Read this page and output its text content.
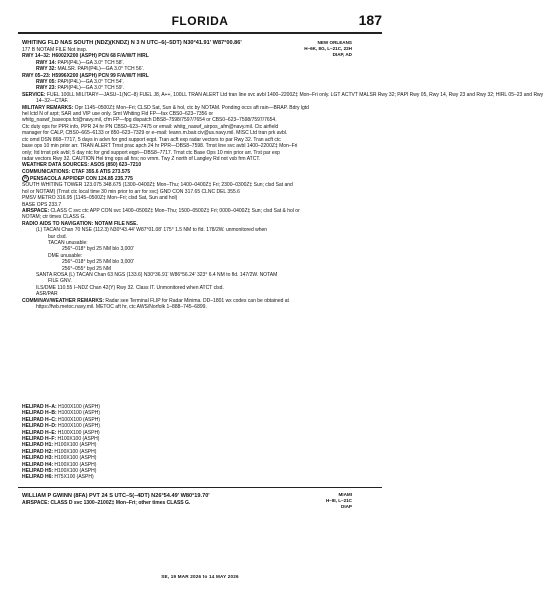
FLORIDA	187
NEW ORLEANS
H–6K, 8G, L–21C, 22H
DIAP, AD
WHITING FLD NAS SOUTH (NDZ)(KNDZ) N 3 N UTC–6(–5DT) N30°41.91' W87°00.86'
177 B NOTAM FILE Not insp.
RWY 14–32: H6002X200 (ASPH) PCN 68 F/A/W/T HIRL
RWY 14: PAPI(P4L)—GA 3.0° TCH 58'.
RWY 32: MALSR. PAPI(P4L)—GA 3.0° TCH 56'.
RWY 05–23: H5996X200 (ASPH) PCN 99 F/A/W/T HIRL
RWY 05: PAPI(P4L)—GA 3.0° TCH 54'.
RWY 23: PAPI(P4L)—GA 3.0° TCH 59'.
SERVICE: FUEL 100LL MILITARY—JASU–1(NC–8) FUEL J8, A++, 100LL TRAN ALERT Ltd tran line svc avbl 1400–2200Z‡ Mon–Fri only. LGT ACTVT MALSR Rwy 32; PAPI Rwy 05, Rwy 14, Rwy 23 and Rwy 32; HIRL 05–23 and Rwy
14–32—CTAF.
MILITARY REMARKS: Opr 1145–0500Z‡ Mon–Fri; CLSD Sat, Sun & hol, ctc by NOTAM. Ponding occs aft rain—BRAP. Bdry lgtd
hel lctd N of arpt; SAR and VIP use only. Smt Whiting Fld FP—fax CBS0–623–7356 or
whitg_naswf_baseops.fct@navy.mil, cfm FP—fpg dispatch DBS8–7598/7597/7654 or CBS0–623–7598/7597/7654.
Ctc duty ops for PPR info, PPR 24 hr PN CBS0–623–7475 or email: whitg_naswf_airpos_afm@navy.mil. Ctc airfield
manager for CALP, CBS0–665–6133 or 850–623–7329 or e–mail: leann.m.bair.civ@us.navy.mil. MISC Ltd tran prk avbl.
ctc omd DSN 868–7717, 5 days in advn for gnd support eqpt. Tran acft exp radar vectors to par Rwy 32. Tran acft ctc
base ops 10 min prior arr. TRAN ALERT Trnst prac apch 24 hr PPR—DBS8–7598. Trnst line svc avbl 1400–2200Z‡ Mon–Fri
only; Itd trnst prk avbl; 5 day ntc for gnd support eqpt—DBS8–7717. Trnst ctc Base Ops 10 min prior arr. Trst par exp
radar vectors Rwy 32. CAUTION Hel trng ops all hrs; no vrnm. Twy Z north of Langley Rd not vsb frm ATCT.
WEATHER DATA SOURCES: ASOS (850) 623–7210
COMMUNICATIONS: CTAF 355.6 ATIS 273.575
R PENSACOLA APP/DEP CON 124.85 235.775
SOUTH WHITING TOWER 123.075 348.675 (1300–0400Z‡ Mon–Thu; 1400–0400Z‡ Fri; 2300–0300Z‡ Sun; clsd Sat and
hol or NOTAM) (Trnst ctc local time 30 min prior to arr for svc) GND CON 317.65 CLNC DEL 355.6
PMSV METRO 316.95 (1145–0500Z‡ Mon–Fri; clsd Sat, Sun and hol)
BASE OPS 233.7
AIRSPACE: CLASS C svc ctc APP CON svc 1400–0500Z‡ Mon–Thu; 1500–0500Z‡ Fri; 0000–0400Z‡ Sun; clsd Sat & hol or
NOTAM; ctr times CLASS G.
RADIO AIDS TO NAVIGATION: NOTAM FILE NSE.
(L) TACAN Chan 70 NSE (112.3) N30°43.44' W87°01.08' 175° 1.5 NM to fld. 178/2W. unmonitored when
bur clsd.
TACAN unusable:
256°–018° byd 25 NM blo 3,000'
DME unusable:
256°–018° byd 25 NM blo 3,000'
256°–055° byd 25 NM
SANTA ROSA (L) TACAN Chan 63 NGS (133.6) N30°36.91' W86°56.24' 323° 6.4 NM to fld. 147/2W. NOTAM
FILE GNV.
ILS/DME 110.55 I–NDZ Chan 42(Y) Rwy 32. Class IT. Unmonitored when ATCT clsd.
ASR/PAR
COMM/NAV/WEATHER REMARKS: Radar see Terminal FLIP for Radar Minima. DD–1801 wx codes can be obtained at
https://fwb.metoc.navy.mil. METOC aft hr, ctc AWS/Norfolk 1–888–745–6899.
HELIPAD H–A: H100X100 (ASPH)
HELIPAD H–B: H100X100 (ASPH)
HELIPAD H–C: H100X100 (ASPH)
HELIPAD H–D: H100X100 (ASPH)
HELIPAD H–E: H100X100 (ASPH)
HELIPAD H–F: H100X100 (ASPH)
HELIPAD H1: H100X100 (ASPH)
HELIPAD H2: H100X100 (ASPH)
HELIPAD H3: H100X100 (ASPH)
HELIPAD H4: H100X100 (ASPH)
HELIPAD H5: H100X100 (ASPH)
HELIPAD H6: H75X100 (ASPH)
MIAMI
H–8I, L–21C
DIAP
WILLIAM P GWINN (8FA) PVT 24 S UTC–5(–4DT) N26°54.49' W80°19.70'
AIRSPACE: CLASS D svc 1300–2100Z‡ Mon–Fri; other times CLASS G.
SE, 19 MAR 2026 to 14 MAY 2026
